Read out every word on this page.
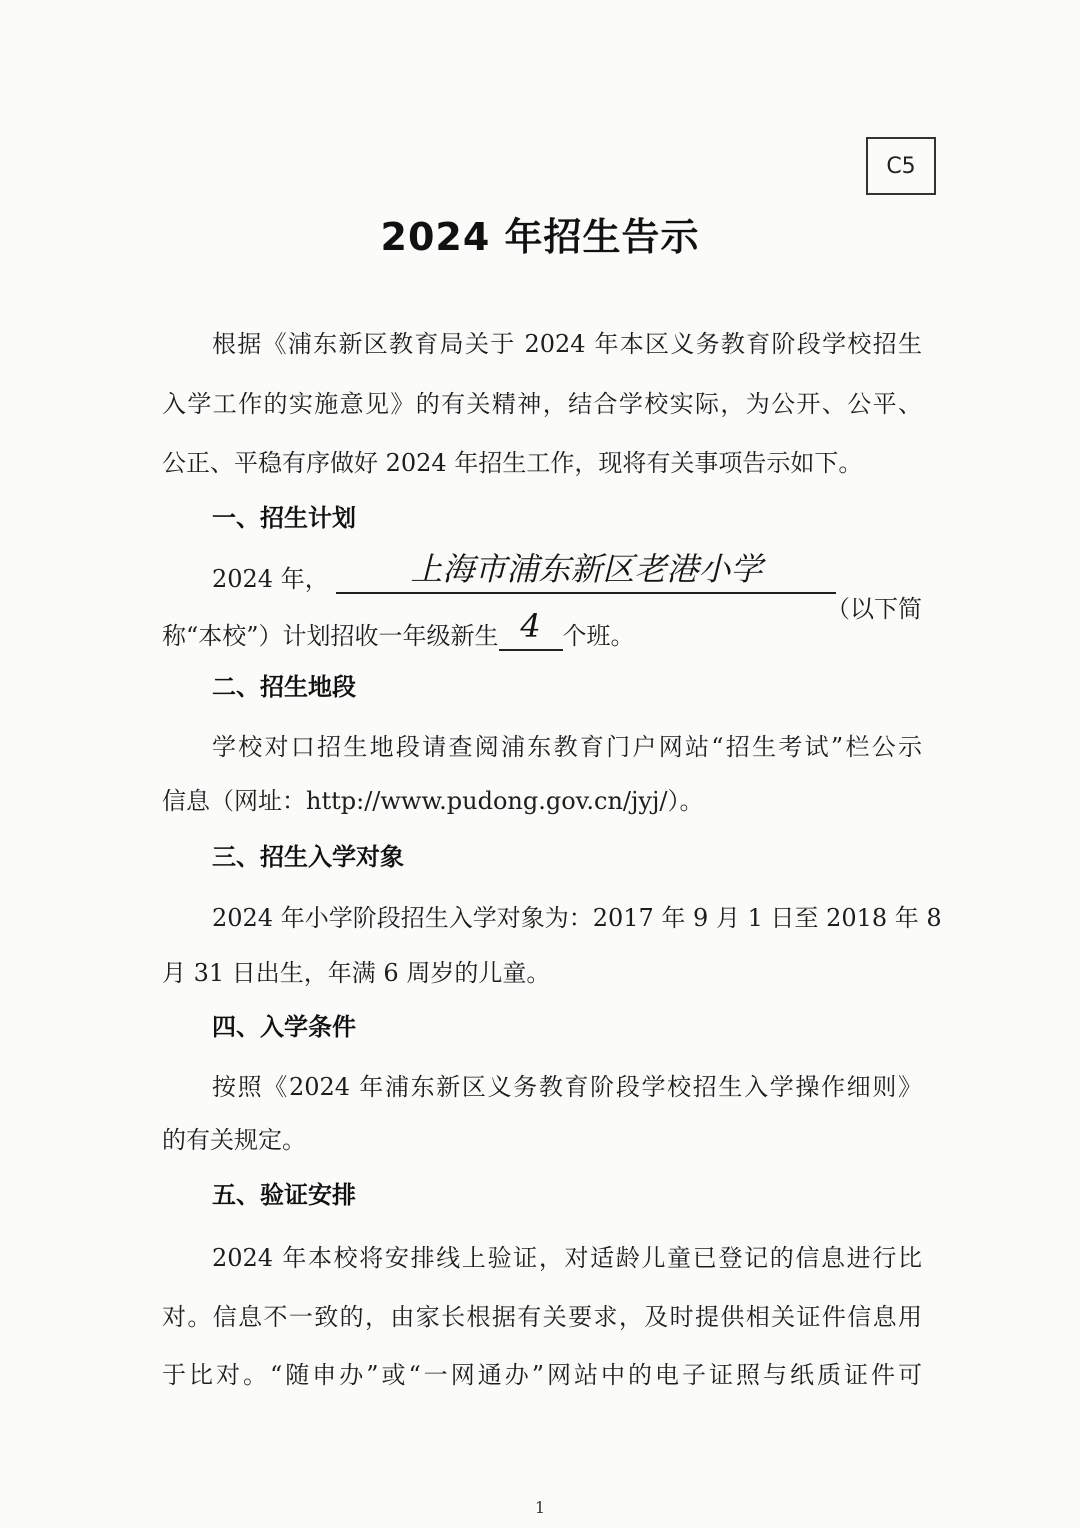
C5
2024 年招生告示
根据《浦东新区教育局关于 2024 年本区义务教育阶段学校招生
入学工作的实施意见》的有关精神，结合学校实际，为公开、公平、
公正、平稳有序做好 2024 年招生工作，现将有关事项告示如下。
一、招生计划
2024 年，	上海市浦东新区老港小学
（以下简
称“本校”）计划招收一年级新生 4 个班。
二、招生地段
学校对口招生地段请查阅浦东教育门户网站“招生考试”栏公示
信息（网址：http://www.pudong.gov.cn/jyj/）。
三、招生入学对象
2024 年小学阶段招生入学对象为：2017 年 9 月 1 日至 2018 年 8
月 31 日出生，年满 6 周岁的儿童。
四、入学条件
按照《2024 年浦东新区义务教育阶段学校招生入学操作细则》
的有关规定。
五、验证安排
2024 年本校将安排线上验证，对适龄儿童已登记的信息进行比
对。信息不一致的，由家长根据有关要求，及时提供相关证件信息用
于比对。“随申办”或“一网通办”网站中的电子证照与纸质证件可
1
